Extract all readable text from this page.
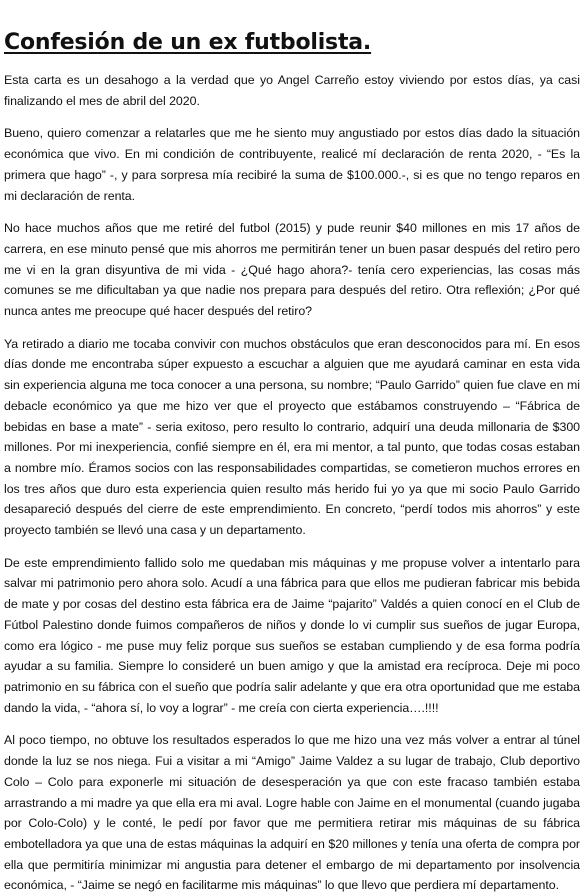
Confesión de un ex futbolista.

Esta carta es un desahogo a la verdad que yo Angel Carreño estoy viviendo por estos días, ya casi finalizando el mes de abril del 2020.

Bueno, quiero comenzar a relatarles que me he siento muy angustiado por estos días dado la situación económica que vivo. En mi condición de contribuyente, realicé mí declaración de renta 2020, - “Es la primera que hago” -, y para sorpresa mía recibiré la suma de $100.000.-, si es que no tengo reparos en mi declaración de renta.

No hace muchos años que me retiré del futbol (2015) y pude reunir $40 millones en mis 17 años de carrera, en ese minuto pensé que mis ahorros me permitirán tener un buen pasar después del retiro pero me vi en la gran disyuntiva de mi vida - ¿Qué hago ahora?- tenía cero experiencias, las cosas más comunes se me dificultaban ya que nadie nos prepara para después del retiro. Otra reflexión; ¿Por qué nunca antes me preocupe qué hacer después del retiro?

Ya retirado a diario me tocaba convivir con muchos obstáculos que eran desconocidos para mí. En esos días donde me encontraba súper expuesto a escuchar a alguien que me ayudará caminar en esta vida sin experiencia alguna me toca conocer a una persona, su nombre; “Paulo Garrido” quien fue clave en mi debacle económico ya que me hizo ver que el proyecto que estábamos construyendo – “Fábrica de bebidas en base a mate” - seria exitoso, pero resulto lo contrario, adquirí una deuda millonaria de $300 millones. Por mi inexperiencia, confié siempre en él, era mi mentor, a tal punto, que todas cosas estaban a nombre mío. Éramos socios con las responsabilidades compartidas, se cometieron muchos errores en los tres años que duro esta experiencia quien resulto más herido fui yo ya que mi socio Paulo Garrido desapareció después del cierre de este emprendimiento. En concreto, “perdí todos mis ahorros” y este proyecto también se llevó una casa y un departamento.

De este emprendimiento fallido solo me quedaban mis máquinas y me propuse volver a intentarlo para salvar mi patrimonio pero ahora solo. Acudí a una fábrica para que ellos me pudieran fabricar mis bebida de mate y por cosas del destino esta fábrica era de Jaime “pajarito” Valdés a quien conocí en el Club de Fútbol Palestino donde fuimos compañeros de niños y donde lo vi cumplir sus sueños de jugar Europa, como era lógico - me puse muy feliz porque sus sueños se estaban cumpliendo y de esa forma podría ayudar a su familia. Siempre lo consideré un buen amigo y que la amistad era recíproca. Deje mi poco patrimonio en su fábrica con el sueño que podría salir adelante y que era otra oportunidad que me estaba dando la vida, - “ahora sí, lo voy a lograr” - me creía con cierta experiencia….!!!!

Al poco tiempo, no obtuve los resultados esperados lo que me hizo una vez más volver a entrar al túnel donde la luz se nos niega. Fui a visitar a mi “Amigo” Jaime Valdez a su lugar de trabajo, Club deportivo Colo – Colo para exponerle mi situación de desesperación ya que con este fracaso también estaba arrastrando a mi madre ya que ella era mi aval. Logre hable con Jaime en el monumental (cuando jugaba por Colo-Colo) y le conté, le pedí por favor que me permitiera retirar mis máquinas de su fábrica embotelladora ya que una de estas máquinas la adquirí en $20 millones y tenía una oferta de compra por ella que permitiría minimizar mi angustia para detener el embargo de mi departamento por insolvencia económica, - “Jaime se negó en facilitarme mis máquinas” lo que llevo que perdiera mí departamento.
